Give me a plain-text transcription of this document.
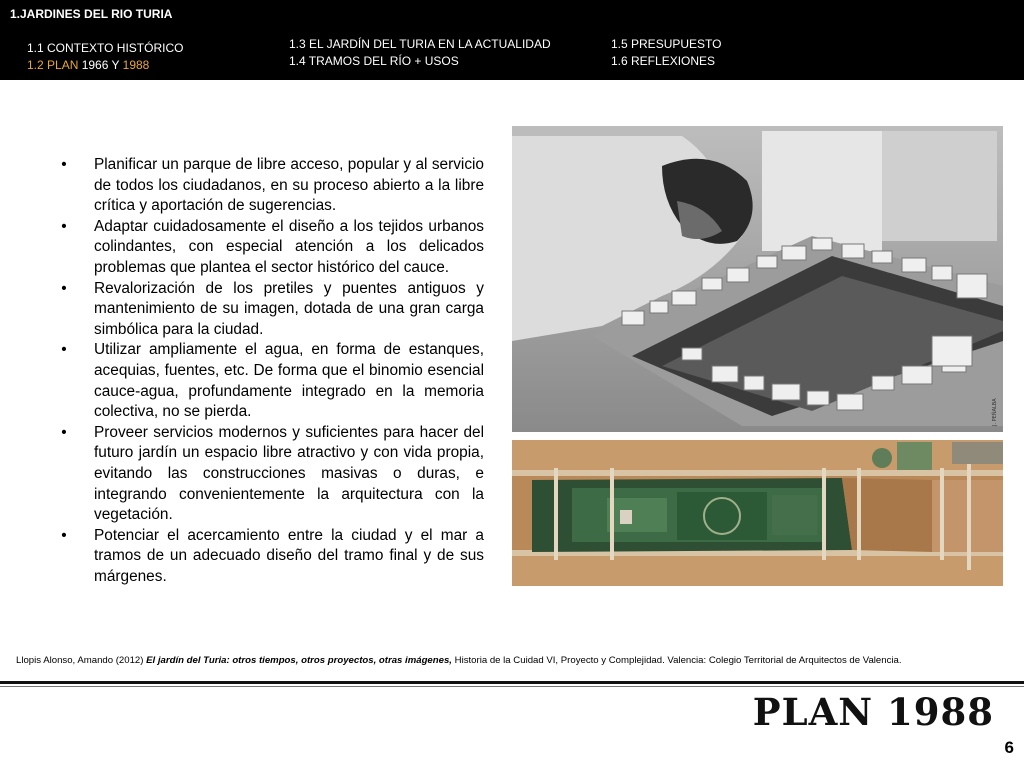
1.JARDINES DEL RIO TURIA
1.1 CONTEXTO HISTÓRICO
1.2 PLAN 1966 Y 1988
1.3 EL JARDÍN DEL TURIA EN LA ACTUALIDAD
1.4 TRAMOS DEL RÍO + USOS
1.5 PRESUPUESTO
1.6 REFLEXIONES
• Planificar un parque de libre acceso, popular y al servicio de todos los ciudadanos, en su proceso abierto a la libre crítica y aportación de sugerencias.
• Adaptar cuidadosamente el diseño a los tejidos urbanos colindantes, con especial atención a los delicados problemas que plantea el sector histórico del cauce.
• Revalorización de los pretiles y puentes antiguos y mantenimiento de su imagen, dotada de una gran carga simbólica para la ciudad.
• Utilizar ampliamente el agua, en forma de estanques, acequias, fuentes, etc. De forma que el binomio esencial cauce-agua, profundamente integrado en la memoria colectiva, no se pierda.
• Proveer servicios modernos y suficientes para hacer del futuro jardín un espacio libre atractivo y con vida propia, evitando las construcciones masivas o duras, e integrando convenientemente la arquitectura con la vegetación.
• Potenciar el acercamiento entre la ciudad y el mar a tramos de un adecuado diseño del tramo final y de sus márgenes.
J. PEÑALBA
Llopis Alonso, Amando (2012) El jardín del Turia: otros tiempos, otros proyectos, otras imágenes, Historia de la Cuidad VI, Proyecto y Complejidad. Valencia: Colegio Territorial de Arquitectos de Valencia.
PLAN 1988
6
